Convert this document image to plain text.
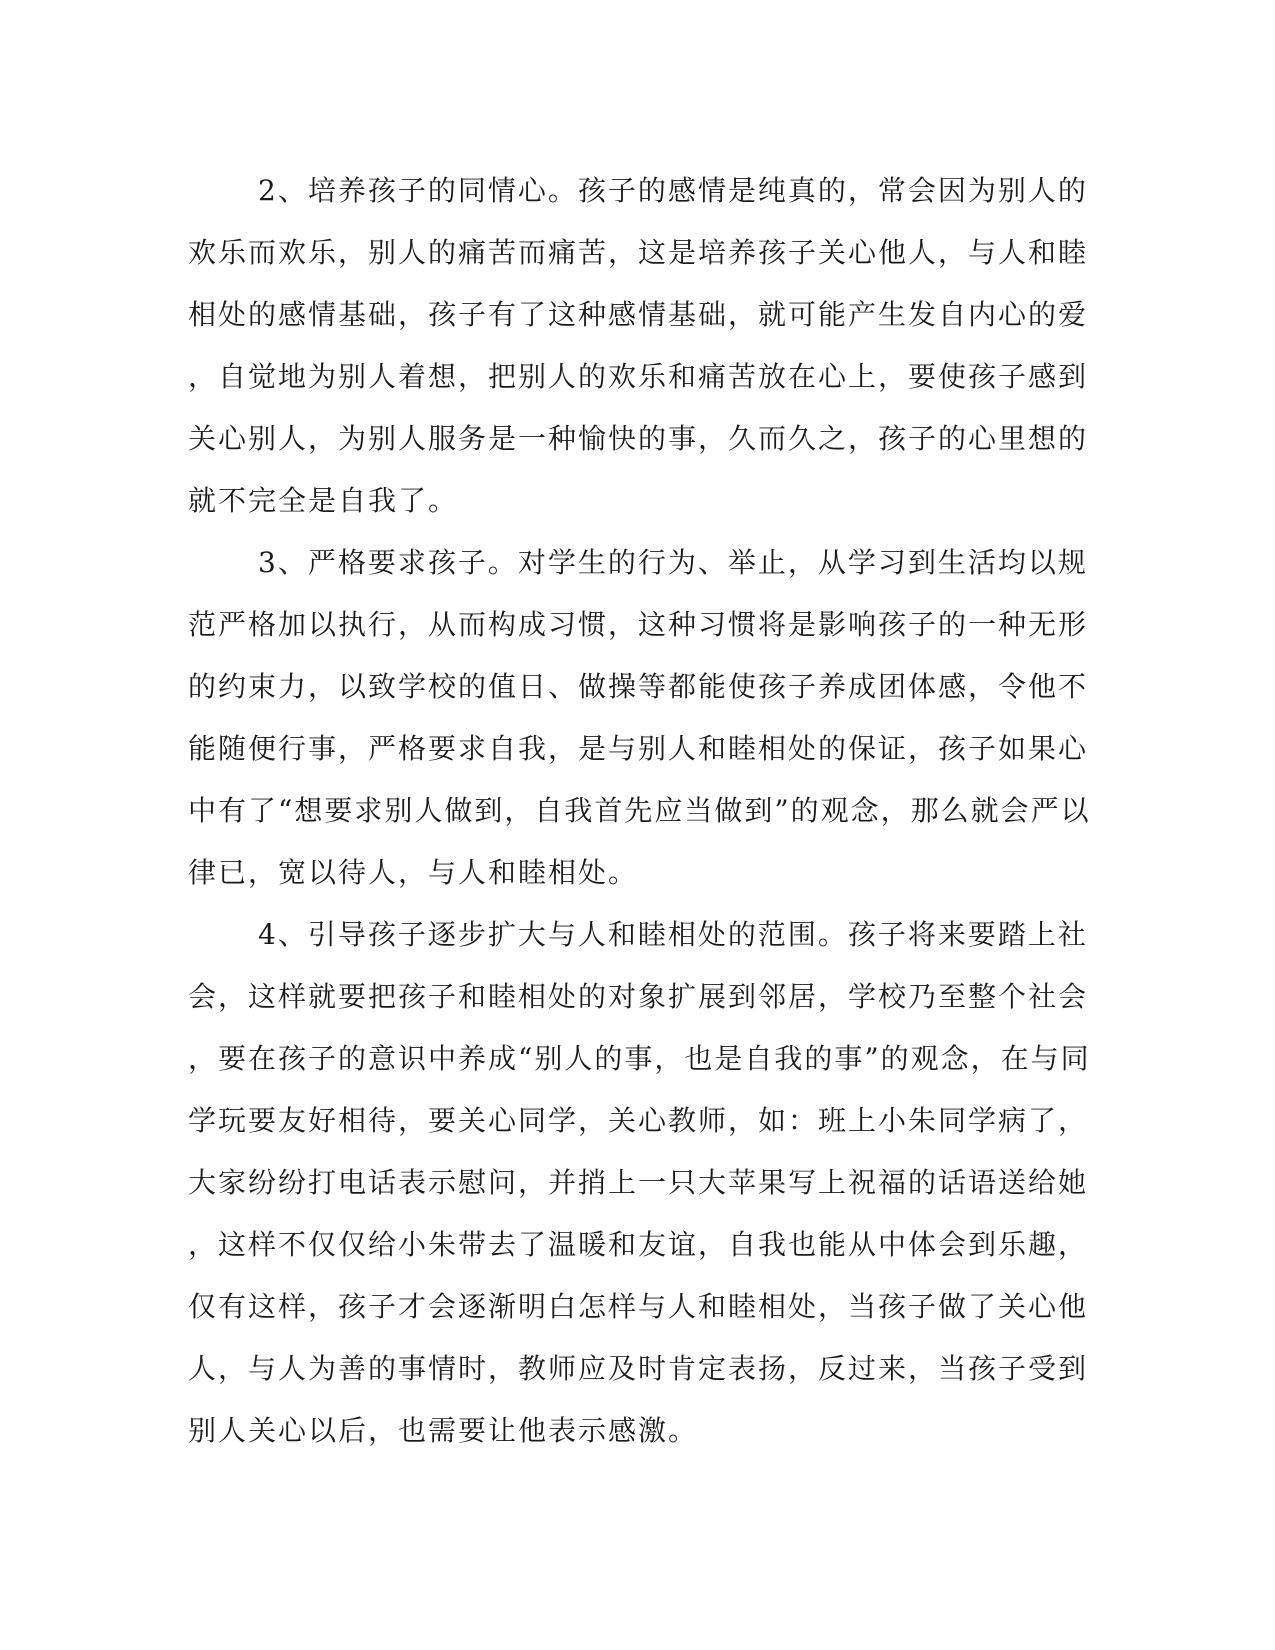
2、培养孩子的同情心。孩子的感情是纯真的，常会因为别人的
欢乐而欢乐，别人的痛苦而痛苦，这是培养孩子关心他人，与人和睦
相处的感情基础，孩子有了这种感情基础，就可能产生发自内心的爱
，自觉地为别人着想，把别人的欢乐和痛苦放在心上，要使孩子感到
关心别人，为别人服务是一种愉快的事，久而久之，孩子的心里想的
就不完全是自我了。
3、严格要求孩子。对学生的行为、举止，从学习到生活均以规
范严格加以执行，从而构成习惯，这种习惯将是影响孩子的一种无形
的约束力，以致学校的值日、做操等都能使孩子养成团体感，令他不
能随便行事，严格要求自我，是与别人和睦相处的保证，孩子如果心
中有了“想要求别人做到，自我首先应当做到”的观念，那么就会严以
律已，宽以待人，与人和睦相处。
4、引导孩子逐步扩大与人和睦相处的范围。孩子将来要踏上社
会，这样就要把孩子和睦相处的对象扩展到邻居，学校乃至整个社会
，要在孩子的意识中养成“别人的事，也是自我的事”的观念，在与同
学玩要友好相待，要关心同学，关心教师，如：班上小朱同学病了，
大家纷纷打电话表示慰问，并捎上一只大苹果写上祝福的话语送给她
，这样不仅仅给小朱带去了温暖和友谊，自我也能从中体会到乐趣，
仅有这样，孩子才会逐渐明白怎样与人和睦相处，当孩子做了关心他
人，与人为善的事情时，教师应及时肯定表扬，反过来，当孩子受到
别人关心以后，也需要让他表示感激。
